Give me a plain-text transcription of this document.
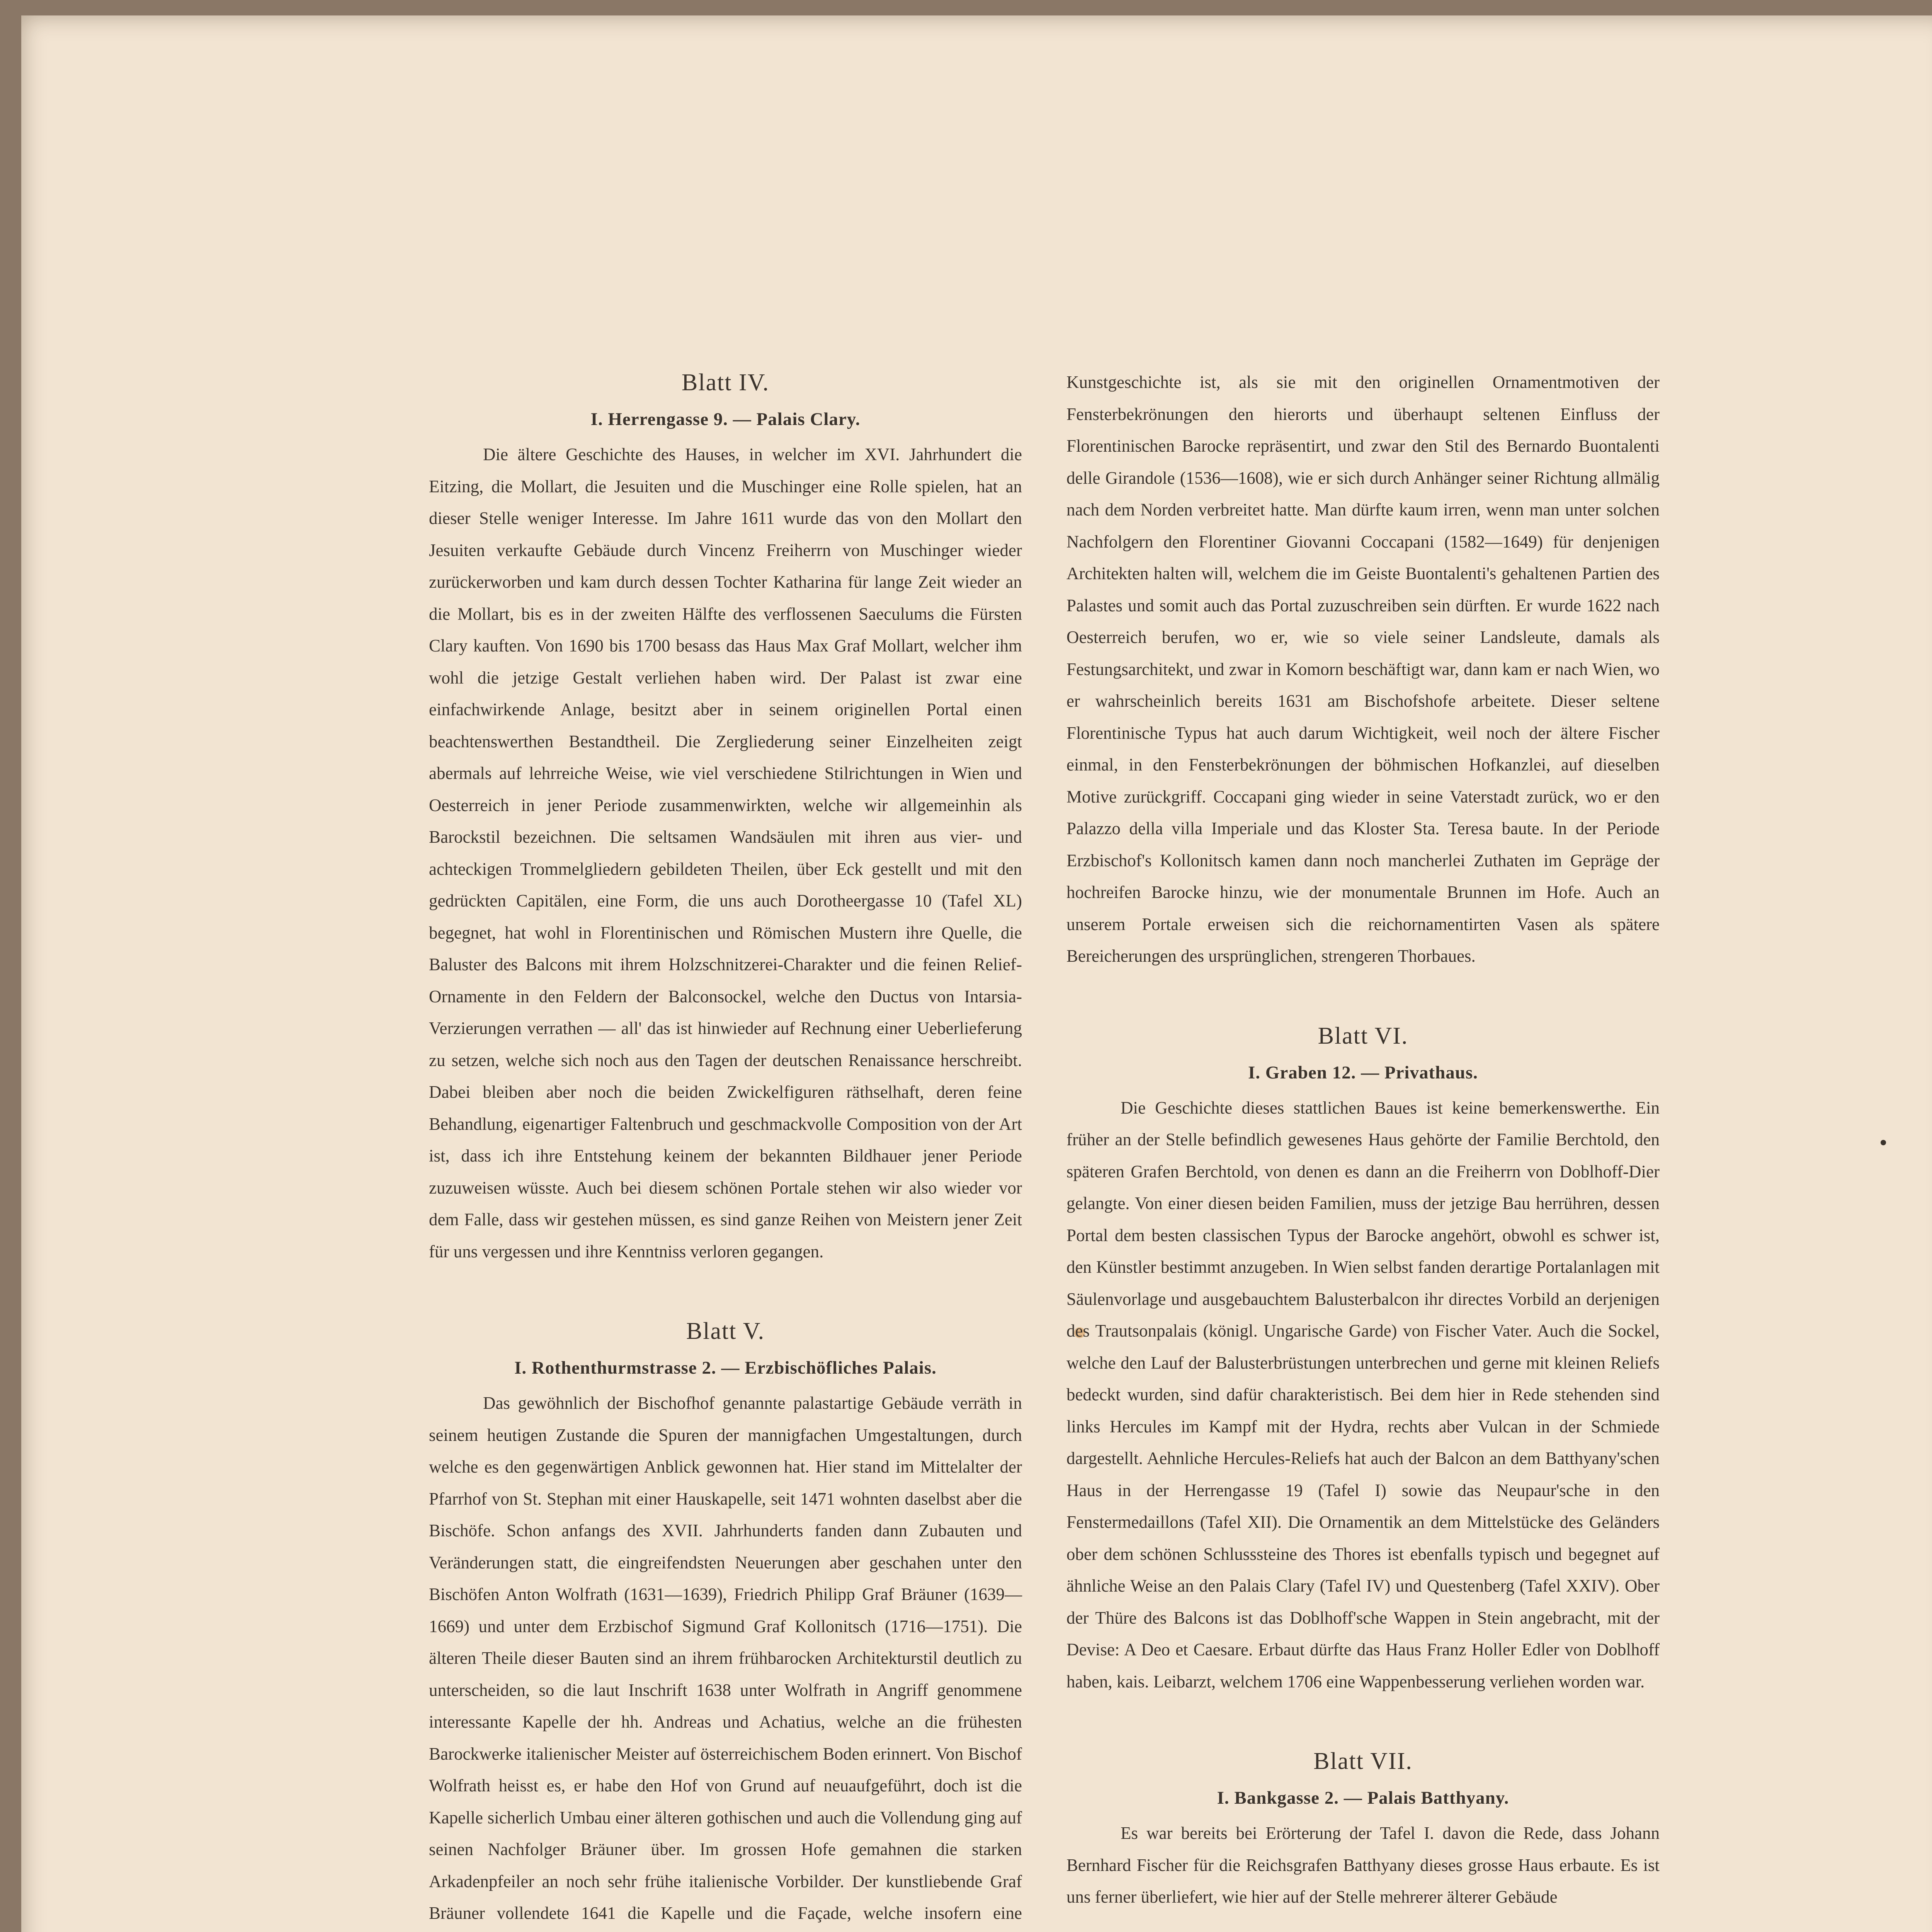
Blatt IV.
I. Herrengasse 9. — Palais Clary.

Die ältere Geschichte des Hauses, in welcher im XVI. Jahrhundert die Eitzing, die Mollart, die Jesuiten und die Muschinger eine Rolle spielen, hat an dieser Stelle weniger Interesse. Im Jahre 1611 wurde das von den Mollart den Jesuiten verkaufte Gebäude durch Vincenz Freiherrn von Muschinger wieder zurückerworben und kam durch dessen Tochter Katharina für lange Zeit wieder an die Mollart, bis es in der zweiten Hälfte des verflossenen Saeculums die Fürsten Clary kauften. Von 1690 bis 1700 besass das Haus Max Graf Mollart, welcher ihm wohl die jetzige Gestalt verliehen haben wird. Der Palast ist zwar eine einfachwirkende Anlage, besitzt aber in seinem originellen Portal einen beachtenswerthen Bestandtheil. Die Zergliederung seiner Einzelheiten zeigt abermals auf lehrreiche Weise, wie viel verschiedene Stilrichtungen in Wien und Oesterreich in jener Periode zusammenwirkten, welche wir allgemeinhin als Barockstil bezeichnen. Die seltsamen Wandsäulen mit ihren aus vier- und achteckigen Trommelgliedern gebildeten Theilen, über Eck gestellt und mit den gedrückten Capitälen, eine Form, die uns auch Dorotheergasse 10 (Tafel XL) begegnet, hat wohl in Florentinischen und Römischen Mustern ihre Quelle, die Baluster des Balcons mit ihrem Holzschnitzerei-Charakter und die feinen Relief-Ornamente in den Feldern der Balconsockel, welche den Ductus von Intarsia-Verzierungen verrathen — all' das ist hinwieder auf Rechnung einer Ueberlieferung zu setzen, welche sich noch aus den Tagen der deutschen Renaissance herschreibt. Dabei bleiben aber noch die beiden Zwickelfiguren räthselhaft, deren feine Behandlung, eigenartiger Faltenbruch und geschmackvolle Composition von der Art ist, dass ich ihre Entstehung keinem der bekannten Bildhauer jener Periode zuzuweisen wüsste. Auch bei diesem schönen Portale stehen wir also wieder vor dem Falle, dass wir gestehen müssen, es sind ganze Reihen von Meistern jener Zeit für uns vergessen und ihre Kenntniss verloren gegangen.

Blatt V.
I. Rothenthurmstrasse 2. — Erzbischöfliches Palais.

Das gewöhnlich der Bischofhof genannte palastartige Gebäude verräth in seinem heutigen Zustande die Spuren der mannigfachen Umgestaltungen, durch welche es den gegenwärtigen Anblick gewonnen hat. Hier stand im Mittelalter der Pfarrhof von St. Stephan mit einer Hauskapelle, seit 1471 wohnten daselbst aber die Bischöfe. Schon anfangs des XVII. Jahrhunderts fanden dann Zubauten und Veränderungen statt, die eingreifendsten Neuerungen aber geschahen unter den Bischöfen Anton Wolfrath (1631—1639), Friedrich Philipp Graf Bräuner (1639—1669) und unter dem Erzbischof Sigmund Graf Kollonitsch (1716—1751). Die älteren Theile dieser Bauten sind an ihrem frühbarocken Architekturstil deutlich zu unterscheiden, so die laut Inschrift 1638 unter Wolfrath in Angriff genommene interessante Kapelle der hh. Andreas und Achatius, welche an die frühesten Barockwerke italienischer Meister auf österreichischem Boden erinnert. Von Bischof Wolfrath heisst es, er habe den Hof von Grund auf neuaufgeführt, doch ist die Kapelle sicherlich Umbau einer älteren gothischen und auch die Vollendung ging auf seinen Nachfolger Bräuner über. Im grossen Hofe gemahnen die starken Arkadenpfeiler an noch sehr frühe italienische Vorbilder. Der kunstliebende Graf Bräuner vollendete 1641 die Kapelle und die Façade, welche insofern eine

Kunstgeschichte ist, als sie mit den originellen Ornamentmotiven der Fensterbekrönungen den hierorts und überhaupt seltenen Einfluss der Florentinischen Barocke repräsentirt, und zwar den Stil des Bernardo Buontalenti delle Girandole (1536—1608), wie er sich durch Anhänger seiner Richtung allmälig nach dem Norden verbreitet hatte. Man dürfte kaum irren, wenn man unter solchen Nachfolgern den Florentiner Giovanni Coccapani (1582—1649) für denjenigen Architekten halten will, welchem die im Geiste Buontalenti's gehaltenen Partien des Palastes und somit auch das Portal zuzuschreiben sein dürften. Er wurde 1622 nach Oesterreich berufen, wo er, wie so viele seiner Landsleute, damals als Festungsarchitekt, und zwar in Komorn beschäftigt war, dann kam er nach Wien, wo er wahrscheinlich bereits 1631 am Bischofshofe arbeitete. Dieser seltene Florentinische Typus hat auch darum Wichtigkeit, weil noch der ältere Fischer einmal, in den Fensterbekrönungen der böhmischen Hofkanzlei, auf dieselben Motive zurückgriff. Coccapani ging wieder in seine Vaterstadt zurück, wo er den Palazzo della villa Imperiale und das Kloster Sta. Teresa baute. In der Periode Erzbischof's Kollonitsch kamen dann noch mancherlei Zuthaten im Gepräge der hochreifen Barocke hinzu, wie der monumentale Brunnen im Hofe. Auch an unserem Portale erweisen sich die reichornamentirten Vasen als spätere Bereicherungen des ursprünglichen, strengeren Thorbaues.

Blatt VI.
I. Graben 12. — Privathaus.

Die Geschichte dieses stattlichen Baues ist keine bemerkenswerthe. Ein früher an der Stelle befindlich gewesenes Haus gehörte der Familie Berchtold, den späteren Grafen Berchtold, von denen es dann an die Freiherrn von Doblhoff-Dier gelangte. Von einer diesen beiden Familien, muss der jetzige Bau herrühren, dessen Portal dem besten classischen Typus der Barocke angehört, obwohl es schwer ist, den Künstler bestimmt anzugeben. In Wien selbst fanden derartige Portalanlagen mit Säulenvorlage und ausgebauchtem Balusterbalcon ihr directes Vorbild an derjenigen des Trautsonpalais (königl. Ungarische Garde) von Fischer Vater. Auch die Sockel, welche den Lauf der Balusterbrüstungen unterbrechen und gerne mit kleinen Reliefs bedeckt wurden, sind dafür charakteristisch. Bei dem hier in Rede stehenden sind links Hercules im Kampf mit der Hydra, rechts aber Vulcan in der Schmiede dargestellt. Aehnliche Hercules-Reliefs hat auch der Balcon an dem Batthyany'schen Haus in der Herrengasse 19 (Tafel I) sowie das Neupaur'sche in den Fenstermedaillons (Tafel XII). Die Ornamentik an dem Mittelstücke des Geländers ober dem schönen Schlusssteine des Thores ist ebenfalls typisch und begegnet auf ähnliche Weise an den Palais Clary (Tafel IV) und Questenberg (Tafel XXIV). Ober der Thüre des Balcons ist das Doblhoff'sche Wappen in Stein angebracht, mit der Devise: A Deo et Caesare. Erbaut dürfte das Haus Franz Holler Edler von Doblhoff haben, kais. Leibarzt, welchem 1706 eine Wappenbesserung verliehen worden war.

Blatt VII.
I. Bankgasse 2. — Palais Batthyany.

Es war bereits bei Erörterung der Tafel I. davon die Rede, dass Johann Bernhard Fischer für die Reichsgrafen Batthyany dieses grosse Haus erbaute. Es ist uns ferner überliefert, wie hier auf der Stelle mehrerer älterer Gebäude
